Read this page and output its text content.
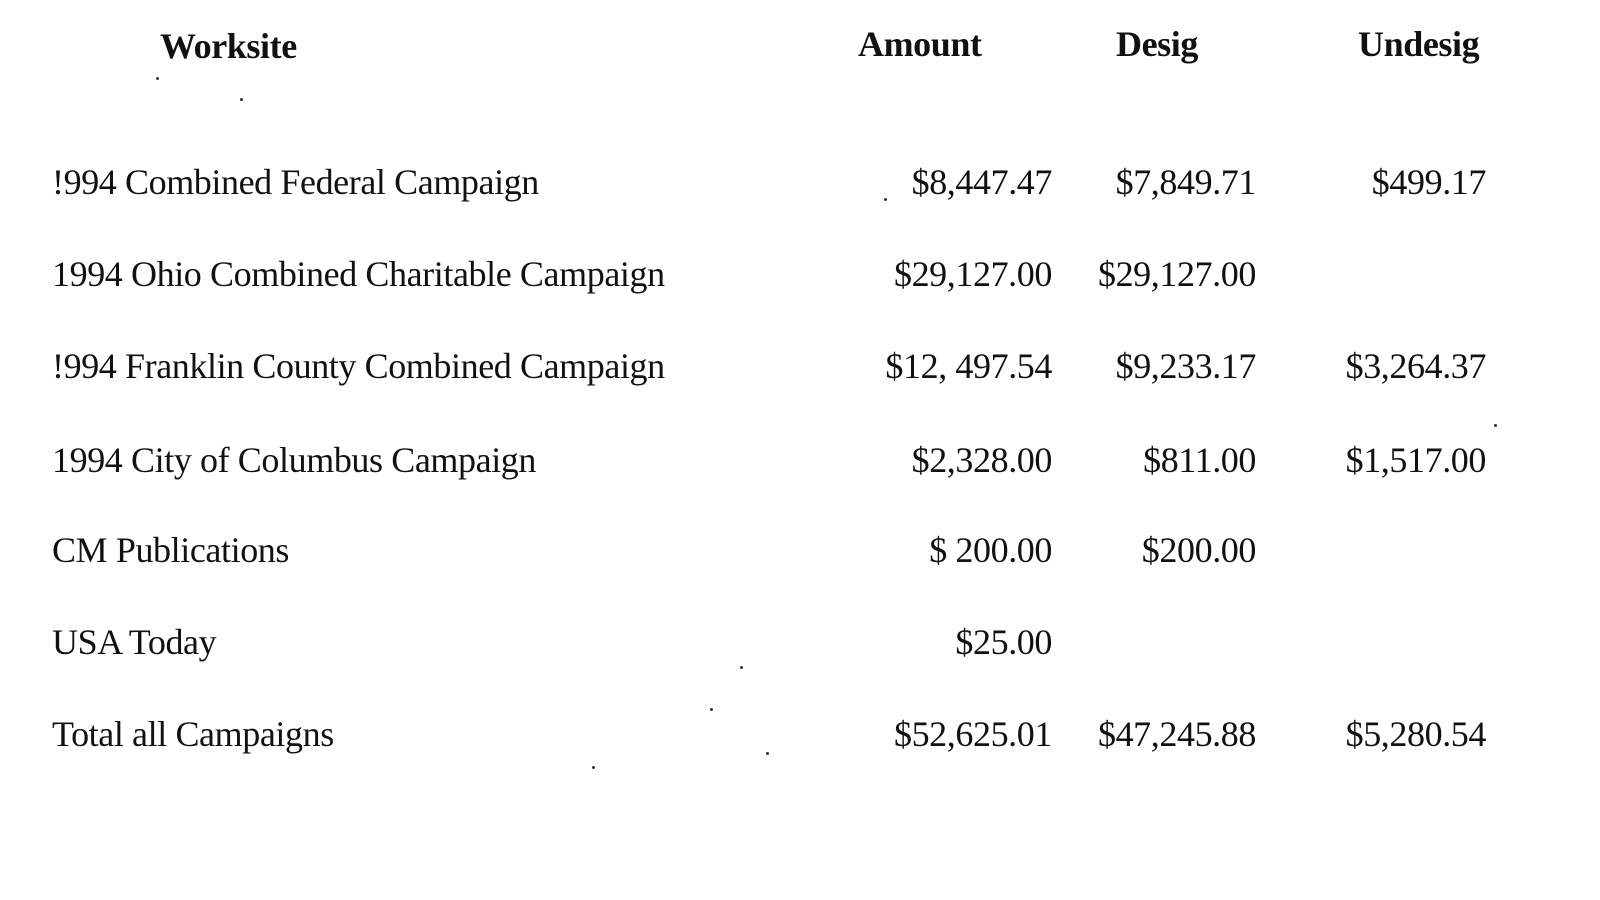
Worksite	Amount	Desig	Undesig
!994 Combined Federal Campaign	$8,447.47 $7,849.71	$499.17
1994 Ohio Combined Charitable Campaign	$29,127.00 $29,127.00
!994 Franklin County Combined Campaign	$12, 497.54 $9,233.17 $3,264.37
1994 City of Columbus Campaign	$2,328.00	$811.00 $1,517.00
CM Publications	$ 200.00 $200.00
USA Today	$25.00
Total all Campaigns	$52,625.01 $47,245.88 $5,280.54
